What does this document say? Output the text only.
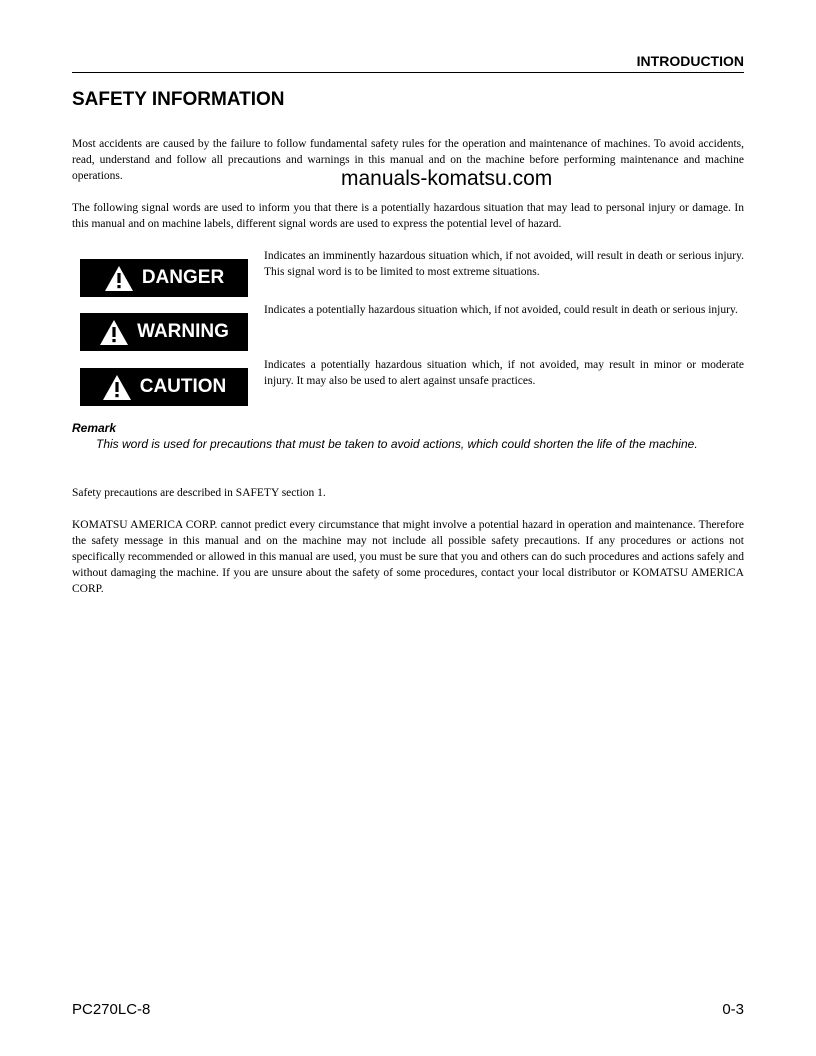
INTRODUCTION
SAFETY INFORMATION

Most accidents are caused by the failure to follow fundamental safety rules for the operation and maintenance of machines. To avoid accidents, read, understand and follow all precautions and warnings in this manual and on the machine before performing maintenance and machine operations.	manuals-komatsu.com

The following signal words are used to inform you that there is a potentially hazardous situation that may lead to personal injury or damage. In this manual and on machine labels, different signal words are used to express the potential level of hazard.

DANGER

Indicates an imminently hazardous situation which, if not avoided, will result in death or serious injury. This signal word is to be limited to most extreme situations.

WARNING

Indicates a potentially hazardous situation which, if not avoided, could result in death or serious injury.

CAUTION

Indicates a potentially hazardous situation which, if not avoided, may result in minor or moderate injury. It may also be used to alert against unsafe practices.

Remark

This word is used for precautions that must be taken to avoid actions, which could shorten the life of the machine.

Safety precautions are described in SAFETY section 1.

KOMATSU AMERICA CORP. cannot predict every circumstance that might involve a potential hazard in operation and maintenance. Therefore the safety message in this manual and on the machine may not include all possible safety precautions. If any procedures or actions not specifically recommended or allowed in this manual are used, you must be sure that you and others can do such procedures and actions safely and without damaging the machine. If you are unsure about the safety of some procedures, contact your local distributor or KOMATSU AMERICA CORP.

PC270LC-8	0-3
